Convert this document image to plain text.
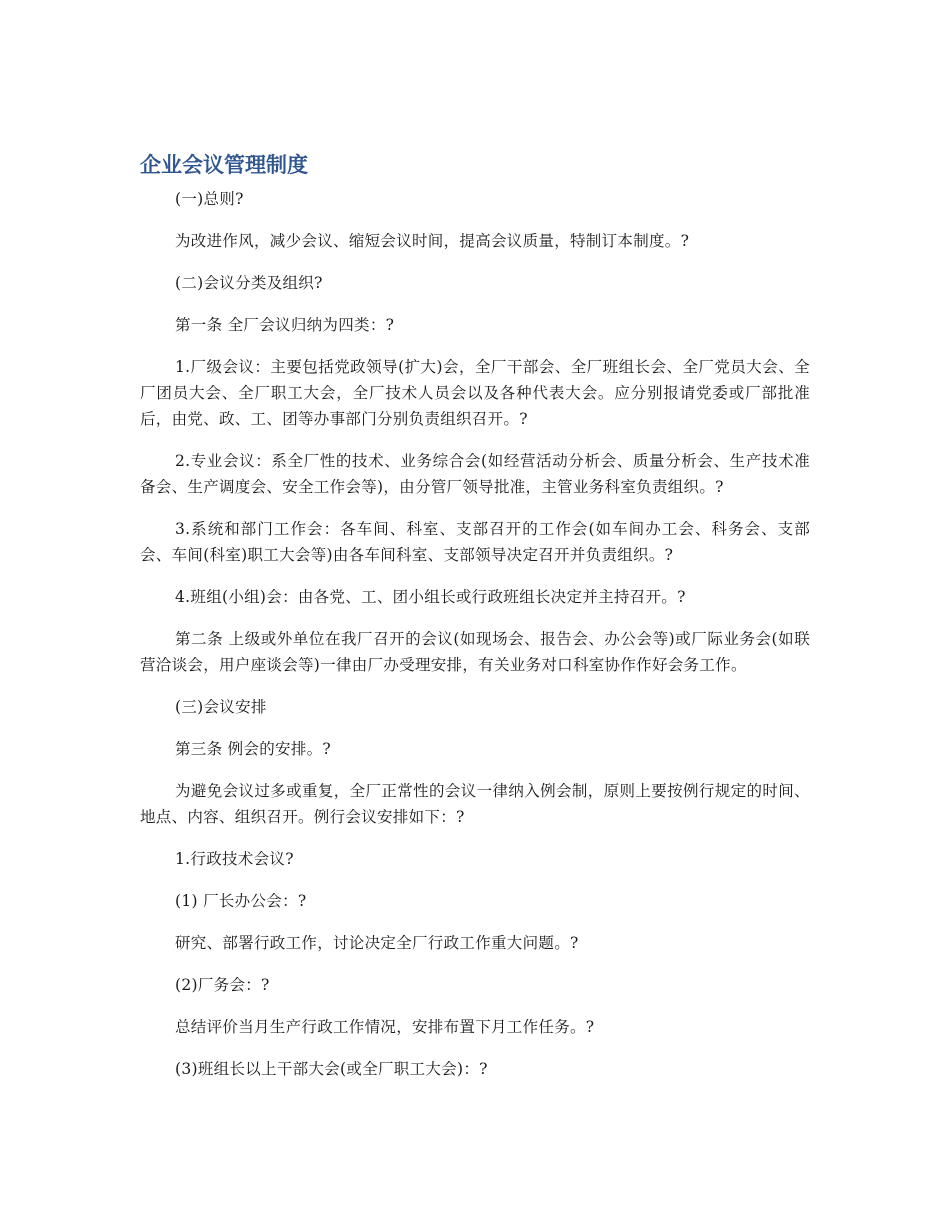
企业会议管理制度

(一)总则?

为改进作风，减少会议、缩短会议时间，提高会议质量，特制订本制度。?

(二)会议分类及组织?

第一条 全厂会议归纳为四类：?

1.厂级会议：主要包括党政领导(扩大)会，全厂干部会、全厂班组长会、全厂党员大会、全厂团员大会、全厂职工大会，全厂技术人员会以及各种代表大会。应分别报请党委或厂部批准后，由党、政、工、团等办事部门分别负责组织召开。?

2.专业会议：系全厂性的技术、业务综合会(如经营活动分析会、质量分析会、生产技术准备会、生产调度会、安全工作会等)，由分管厂领导批准，主管业务科室负责组织。?

3.系统和部门工作会：各车间、科室、支部召开的工作会(如车间办工会、科务会、支部会、车间(科室)职工大会等)由各车间科室、支部领导决定召开并负责组织。?

4.班组(小组)会：由各党、工、团小组长或行政班组长决定并主持召开。?

第二条 上级或外单位在我厂召开的会议(如现场会、报告会、办公会等)或厂际业务会(如联营洽谈会，用户座谈会等)一律由厂办受理安排，有关业务对口科室协作作好会务工作。

(三)会议安排

第三条 例会的安排。?

为避免会议过多或重复，全厂正常性的会议一律纳入例会制，原则上要按例行规定的时间、地点、内容、组织召开。例行会议安排如下：?

1.行政技术会议?

(1) 厂长办公会：?

研究、部署行政工作，讨论决定全厂行政工作重大问题。?

(2)厂务会：?

总结评价当月生产行政工作情况，安排布置下月工作任务。?

(3)班组长以上干部大会(或全厂职工大会)：?
